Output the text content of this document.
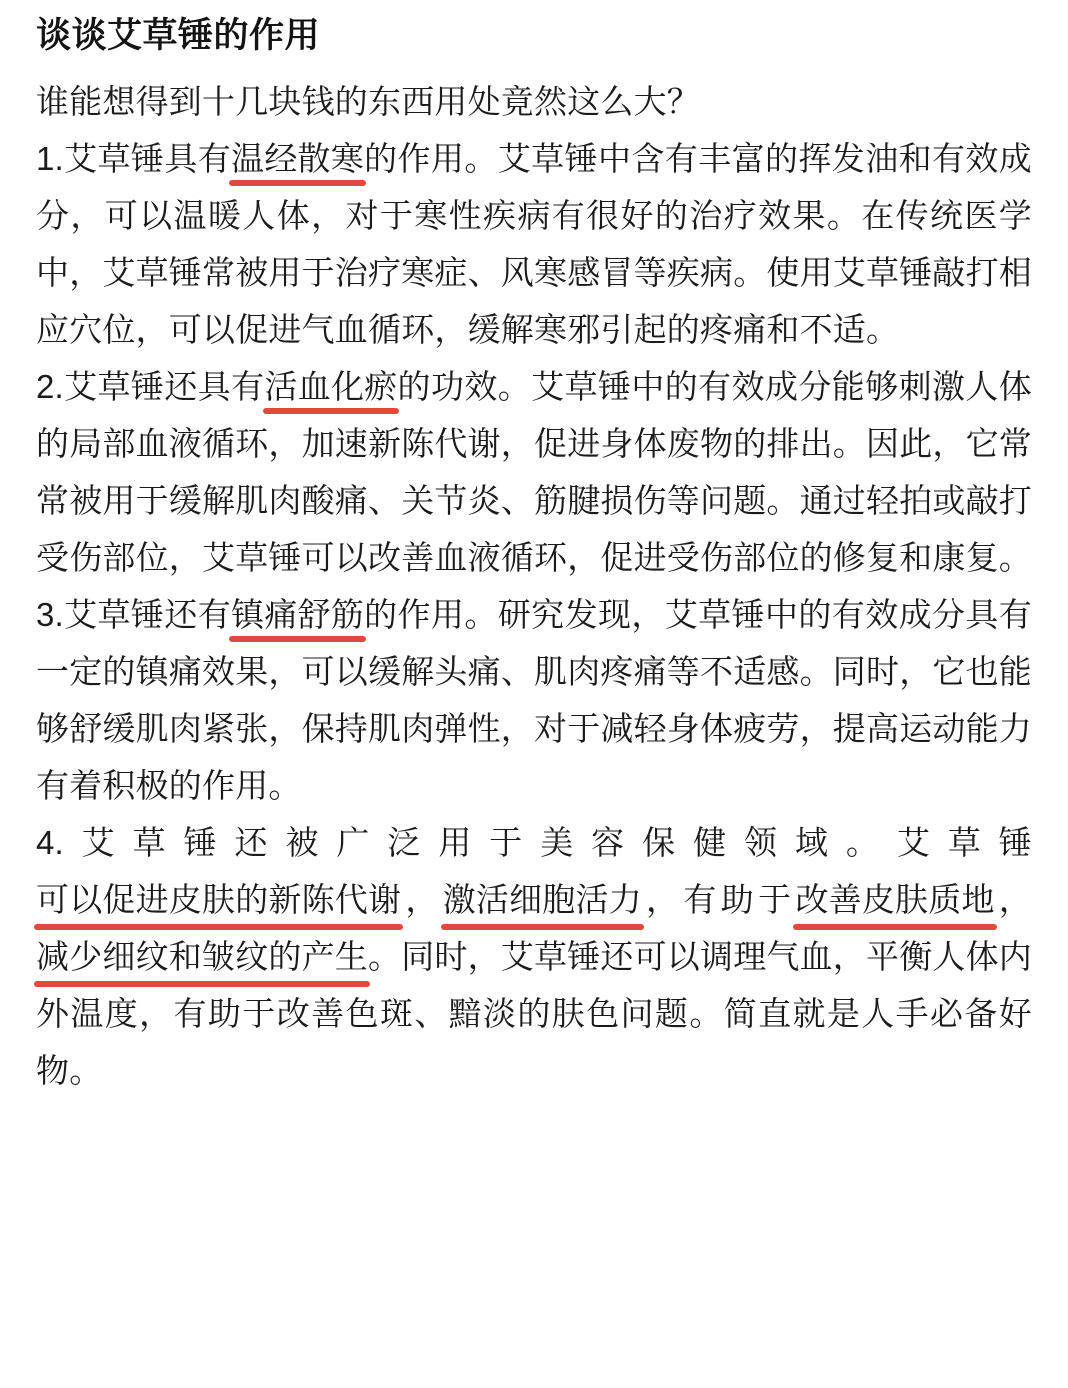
谈谈艾草锤的作用

谁能想得到十几块钱的东西用处竟然这么大？

1.艾草锤具有温经散寒的作用。艾草锤中含有丰富的挥发油和有效成分，可以温暖人体，对于寒性疾病有很好的治疗效果。在传统医学中，艾草锤常被用于治疗寒症、风寒感冒等疾病。使用艾草锤敲打相应穴位，可以促进气血循环，缓解寒邪引起的疼痛和不适。

2.艾草锤还具有活血化瘀的功效。艾草锤中的有效成分能够刺激人体的局部血液循环，加速新陈代谢，促进身体废物的排出。因此，它常常被用于缓解肌肉酸痛、关节炎、筋腱损伤等问题。通过轻拍或敲打受伤部位，艾草锤可以改善血液循环，促进受伤部位的修复和康复。

3.艾草锤还有镇痛舒筋的作用。研究发现，艾草锤中的有效成分具有一定的镇痛效果，可以缓解头痛、肌肉疼痛等不适感。同时，它也能够舒缓肌肉紧张，保持肌肉弹性，对于减轻身体疲劳，提高运动能力有着积极的作用。

4.艾草锤还被广泛用于美容保健领域。艾草锤可以促进皮肤的新陈代谢，激活细胞活力，有助于改善皮肤质地，减少细纹和皱纹的产生。同时，艾草锤还可以调理气血，平衡人体内外温度，有助于改善色斑、黯淡的肤色问题。简直就是人手必备好物。
